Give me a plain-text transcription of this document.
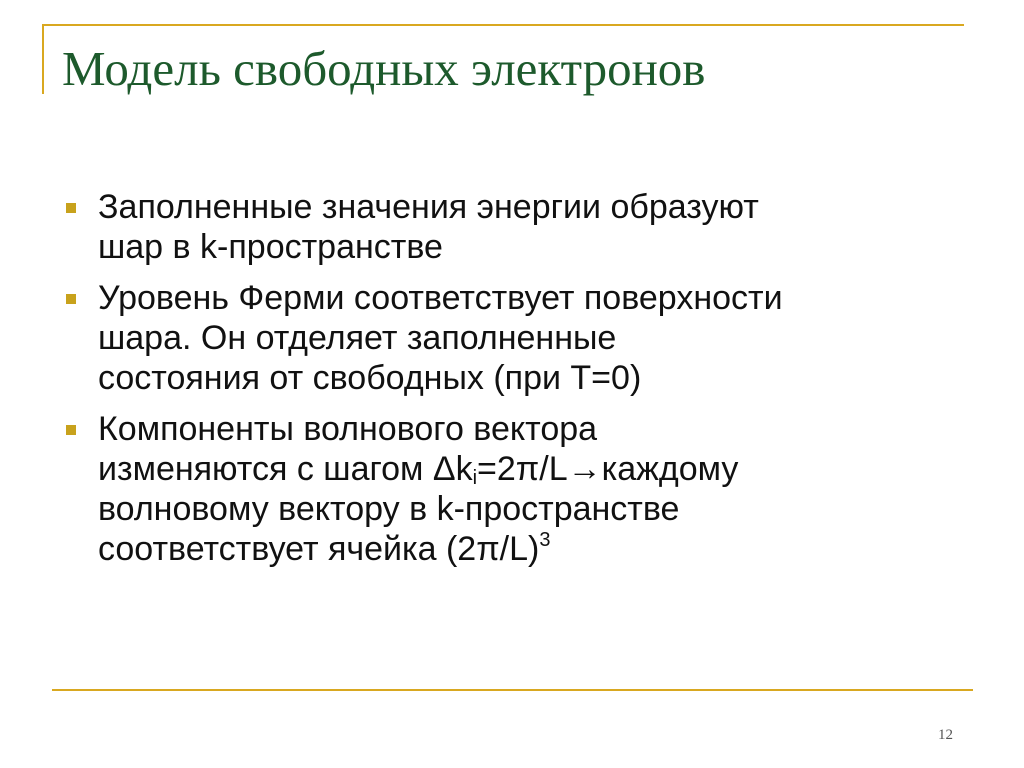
Модель свободных электронов
Заполненные значения энергии образуют
шар в k-пространстве
Уровень Ферми соответствует поверхности
шара. Он отделяет заполненные
состояния от свободных (при T=0)
Компоненты волнового вектора
изменяются с шагом $\Delta k_i=2\pi/L\to каждому$
волновому вектору в k-пространстве
соответствует ячейка $(2\pi/L)^3$
12
